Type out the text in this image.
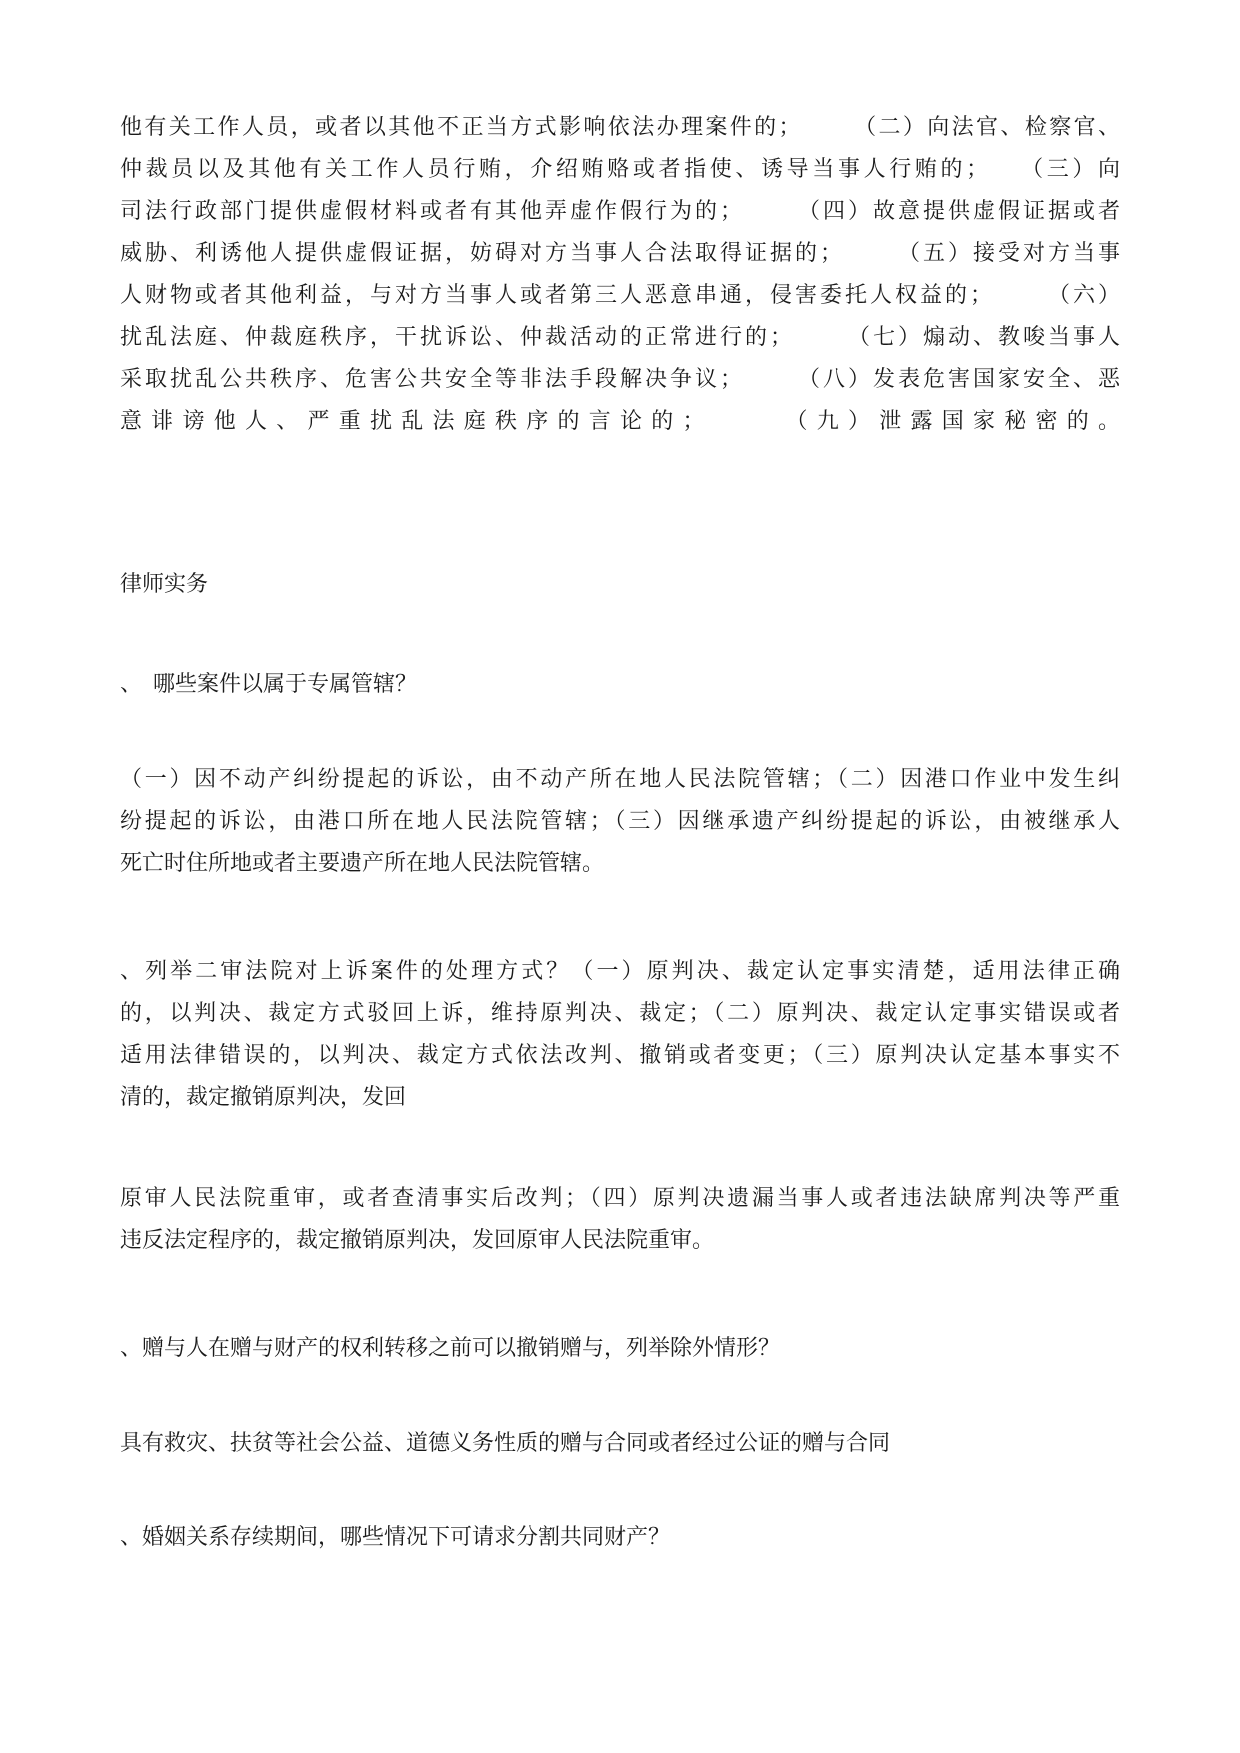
他有关工作人员，或者以其他不正当方式影响依法办理案件的；　　　（二）向法官、检察官、
仲裁员以及其他有关工作人员行贿，介绍贿赂或者指使、诱导当事人行贿的；　　（三）向
司法行政部门提供虚假材料或者有其他弄虚作假行为的；　　　（四）故意提供虚假证据或者
威胁、利诱他人提供虚假证据，妨碍对方当事人合法取得证据的；　　　（五）接受对方当事
人财物或者其他利益，与对方当事人或者第三人恶意串通，侵害委托人权益的；　　　（六）
扰乱法庭、仲裁庭秩序，干扰诉讼、仲裁活动的正常进行的；　　　（七）煽动、教唆当事人
采取扰乱公共秩序、危害公共安全等非法手段解决争议；　　　（八）发表危害国家安全、恶
意诽谤他人、严重扰乱法庭秩序的言论的；　　　（九）泄露国家秘密的。
律师实务
、　哪些案件以属于专属管辖？
（一）因不动产纠纷提起的诉讼，由不动产所在地人民法院管辖；（二）因港口作业中发生纠
纷提起的诉讼，由港口所在地人民法院管辖；（三）因继承遗产纠纷提起的诉讼，由被继承人
死亡时住所地或者主要遗产所在地人民法院管辖。
、列举二审法院对上诉案件的处理方式？（一）原判决、裁定认定事实清楚，适用法律正确
的，以判决、裁定方式驳回上诉，维持原判决、裁定；（二）原判决、裁定认定事实错误或者
适用法律错误的，以判决、裁定方式依法改判、撤销或者变更；（三）原判决认定基本事实不
清的，裁定撤销原判决，发回
原审人民法院重审，或者查清事实后改判；（四）原判决遗漏当事人或者违法缺席判决等严重
违反法定程序的，裁定撤销原判决，发回原审人民法院重审。
、赠与人在赠与财产的权利转移之前可以撤销赠与，列举除外情形？
具有救灾、扶贫等社会公益、道德义务性质的赠与合同或者经过公证的赠与合同
、婚姻关系存续期间，哪些情况下可请求分割共同财产？
